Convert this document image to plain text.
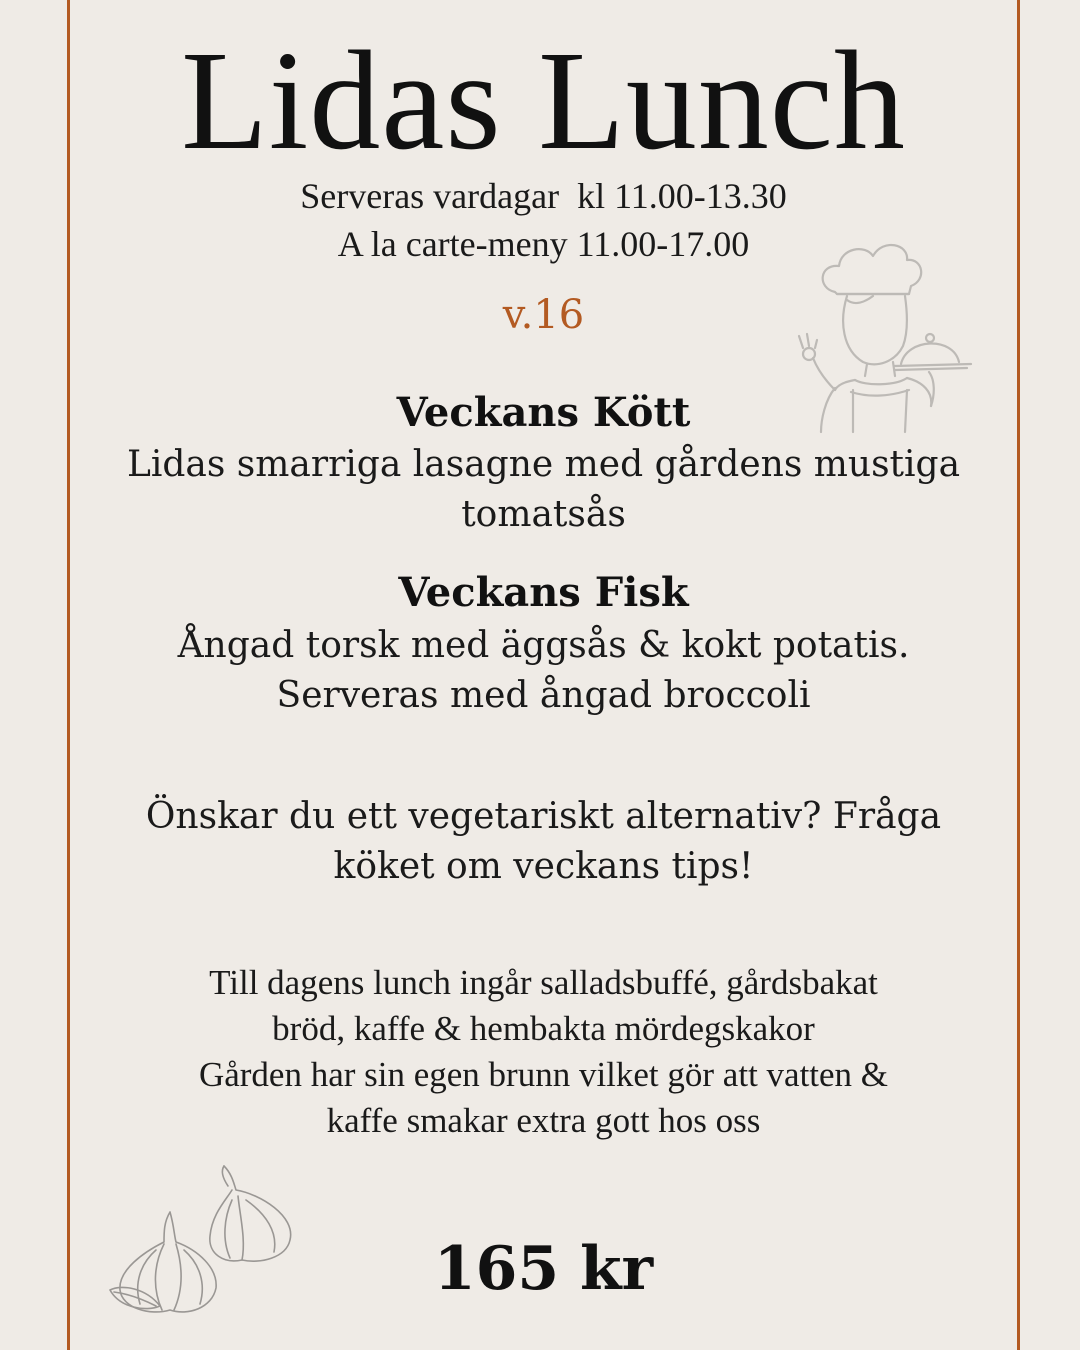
Lidas Lunch
Serveras vardagar  kl 11.00-13.30
A la carte-meny 11.00-17.00
v.16
Veckans Kött
Lidas smarriga lasagne med gårdens mustiga
tomatsås
Veckans Fisk
Ångad torsk med äggsås & kokt potatis.
Serveras med ångad broccoli
Önskar du ett vegetariskt alternativ? Fråga
köket om veckans tips!
Till dagens lunch ingår salladsbuffé, gårdsbakat
bröd, kaffe & hembakta mördegskakor
Gården har sin egen brunn vilket gör att vatten &
kaffe smakar extra gott hos oss
165 kr
